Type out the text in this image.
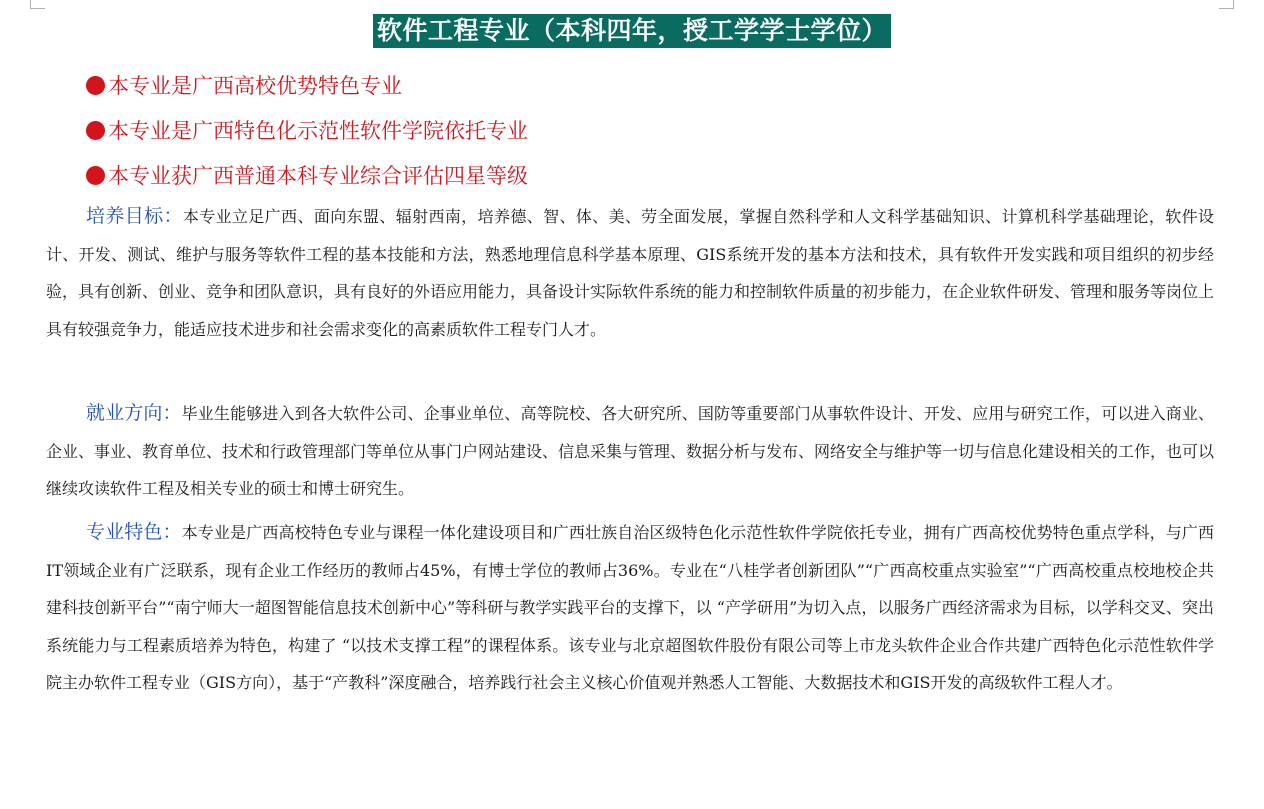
软件工程专业（本科四年，授工学学士学位）
本专业是广西高校优势特色专业
本专业是广西特色化示范性软件学院依托专业
本专业获广西普通本科专业综合评估四星等级

培养目标：本专业立足广西、面向东盟、辐射西南，培养德、智、体、美、劳全面发展，掌握自然科学和人文科学基础知识、计算机科学基础理论，软件设计、开发、测试、维护与服务等软件工程的基本技能和方法，熟悉地理信息科学基本原理、GIS系统开发的基本方法和技术，具有软件开发实践和项目组织的初步经验，具有创新、创业、竞争和团队意识，具有良好的外语应用能力，具备设计实际软件系统的能力和控制软件质量的初步能力，在企业软件研发、管理和服务等岗位上具有较强竞争力，能适应技术进步和社会需求变化的高素质软件工程专门人才。

就业方向：毕业生能够进入到各大软件公司、企事业单位、高等院校、各大研究所、国防等重要部门从事软件设计、开发、应用与研究工作，可以进入商业、企业、事业、教育单位、技术和行政管理部门等单位从事门户网站建设、信息采集与管理、数据分析与发布、网络安全与维护等一切与信息化建设相关的工作，也可以继续攻读软件工程及相关专业的硕士和博士研究生。

专业特色：本专业是广西高校特色专业与课程一体化建设项目和广西壮族自治区级特色化示范性软件学院依托专业，拥有广西高校优势特色重点学科，与广西IT领域企业有广泛联系，现有企业工作经历的教师占45%，有博士学位的教师占36%。专业在“八桂学者创新团队”“广西高校重点实验室”“广西高校重点校地校企共建科技创新平台”“南宁师大一超图智能信息技术创新中心”等科研与教学实践平台的支撑下，以 “产学研用”为切入点，以服务广西经济需求为目标，以学科交叉、突出系统能力与工程素质培养为特色，构建了 “以技术支撑工程”的课程体系。该专业与北京超图软件股份有限公司等上市龙头软件企业合作共建广西特色化示范性软件学院主办软件工程专业（GIS方向），基于“产教科”深度融合，培养践行社会主义核心价值观并熟悉人工智能、大数据技术和GIS开发的高级软件工程人才。
